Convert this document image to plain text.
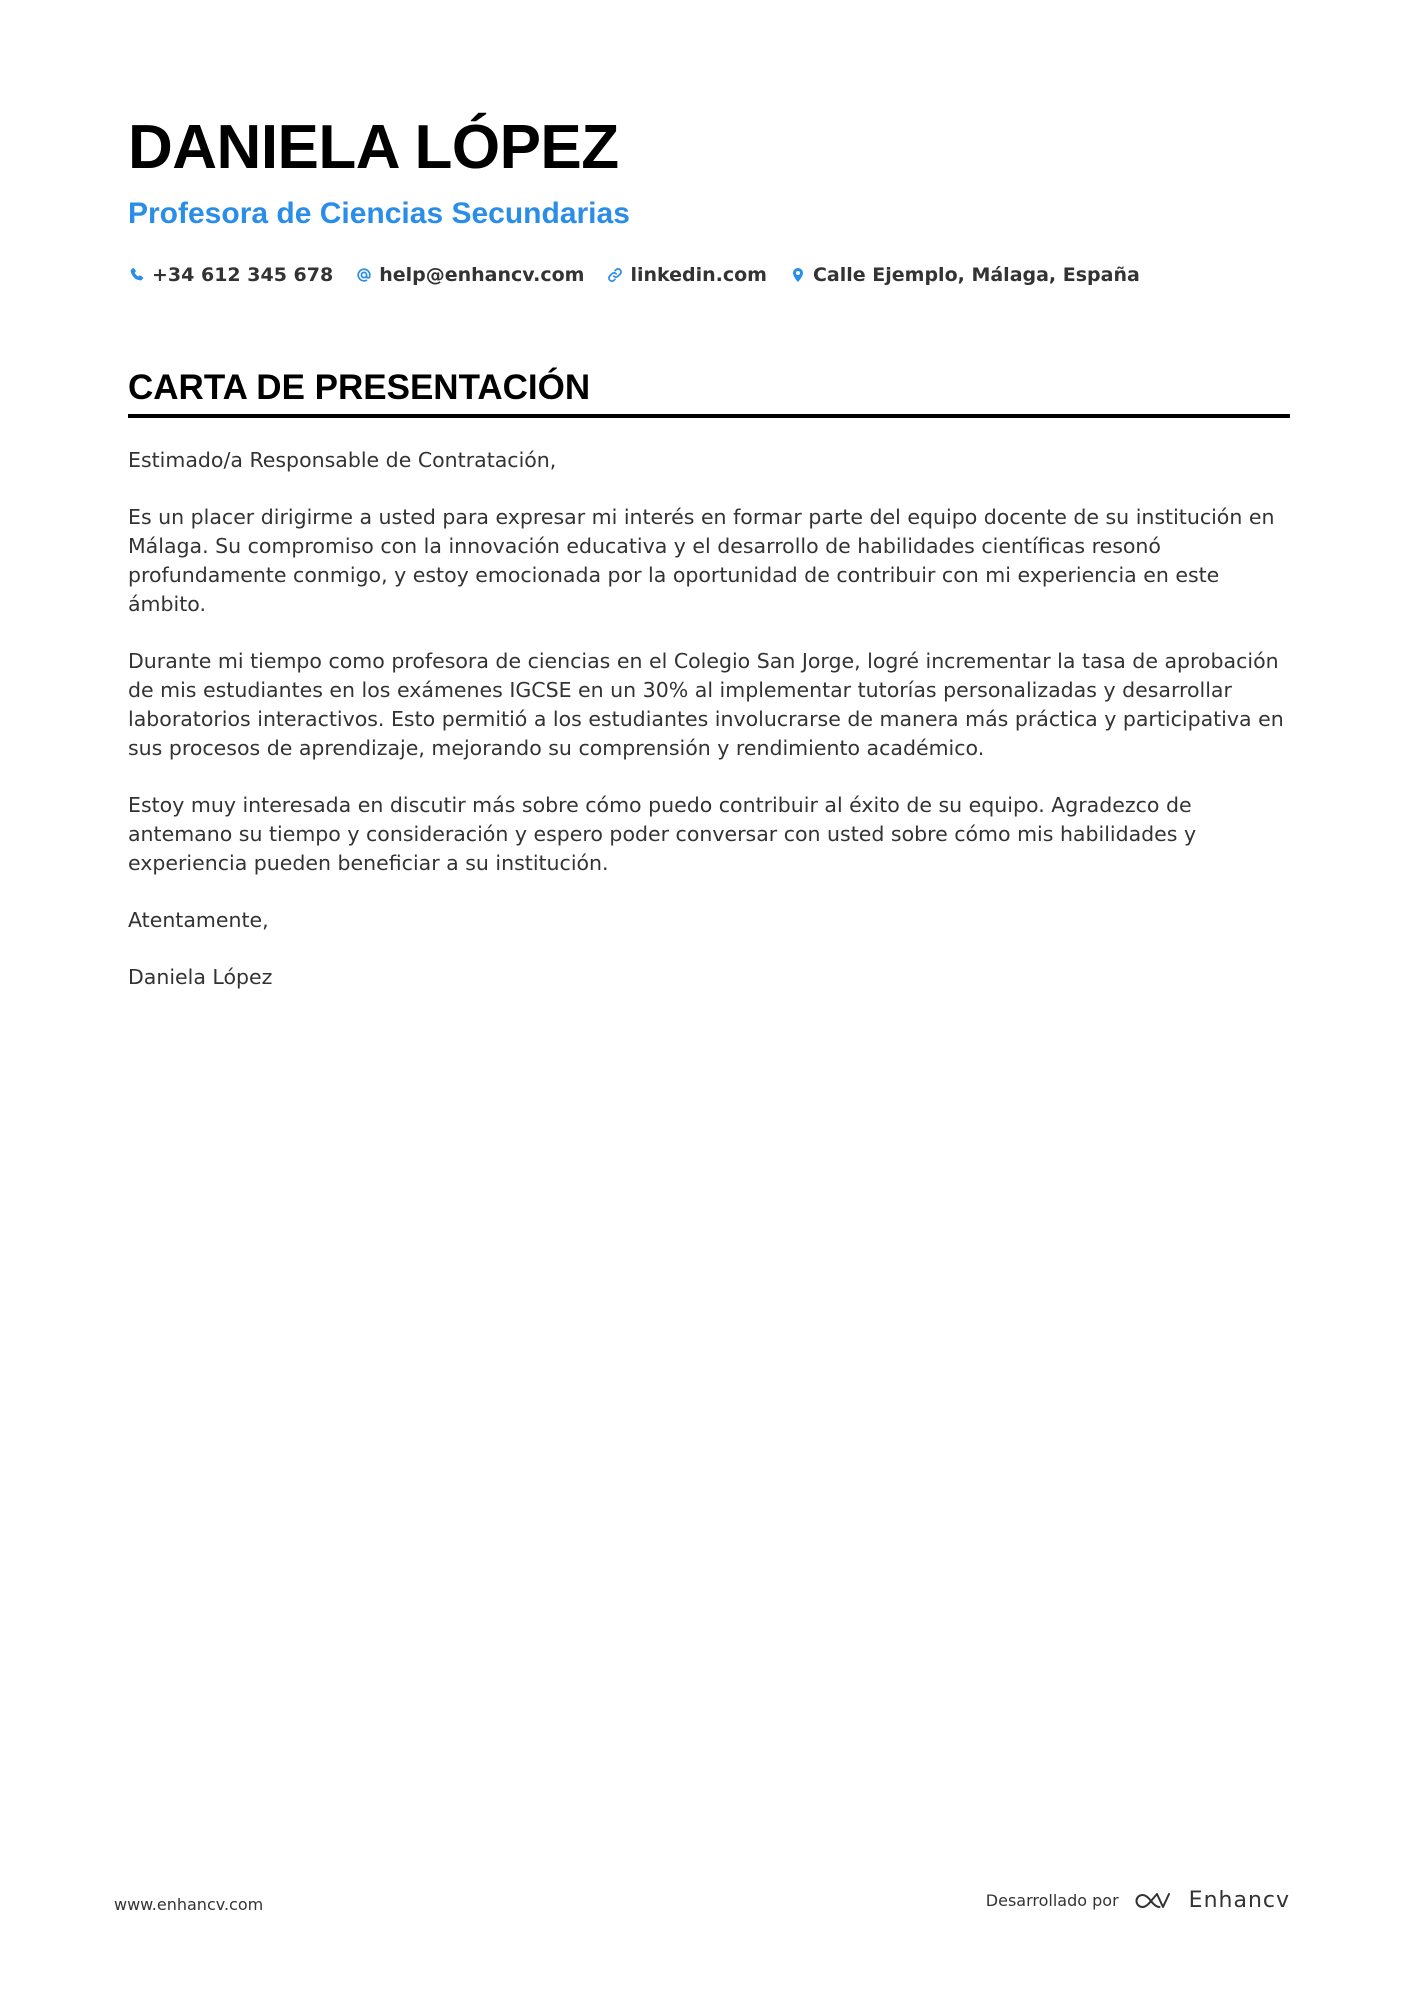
DANIELA LÓPEZ
Profesora de Ciencias Secundarias
+34 612 345 678 help@enhancv.com linkedin.com Calle Ejemplo, Málaga, España
CARTA DE PRESENTACIÓN

Estimado/a Responsable de Contratación,

Es un placer dirigirme a usted para expresar mi interés en formar parte del equipo docente de su institución en Málaga. Su compromiso con la innovación educativa y el desarrollo de habilidades científicas resonó profundamente conmigo, y estoy emocionada por la oportunidad de contribuir con mi experiencia en este ámbito.

Durante mi tiempo como profesora de ciencias en el Colegio San Jorge, logré incrementar la tasa de aprobación de mis estudiantes en los exámenes IGCSE en un 30% al implementar tutorías personalizadas y desarrollar laboratorios interactivos. Esto permitió a los estudiantes involucrarse de manera más práctica y participativa en sus procesos de aprendizaje, mejorando su comprensión y rendimiento académico.

Estoy muy interesada en discutir más sobre cómo puedo contribuir al éxito de su equipo. Agradezco de antemano su tiempo y consideración y espero poder conversar con usted sobre cómo mis habilidades y experiencia pueden beneficiar a su institución.

Atentamente,

Daniela López

www.enhancv.com	Desarrollado por	Enhancv
